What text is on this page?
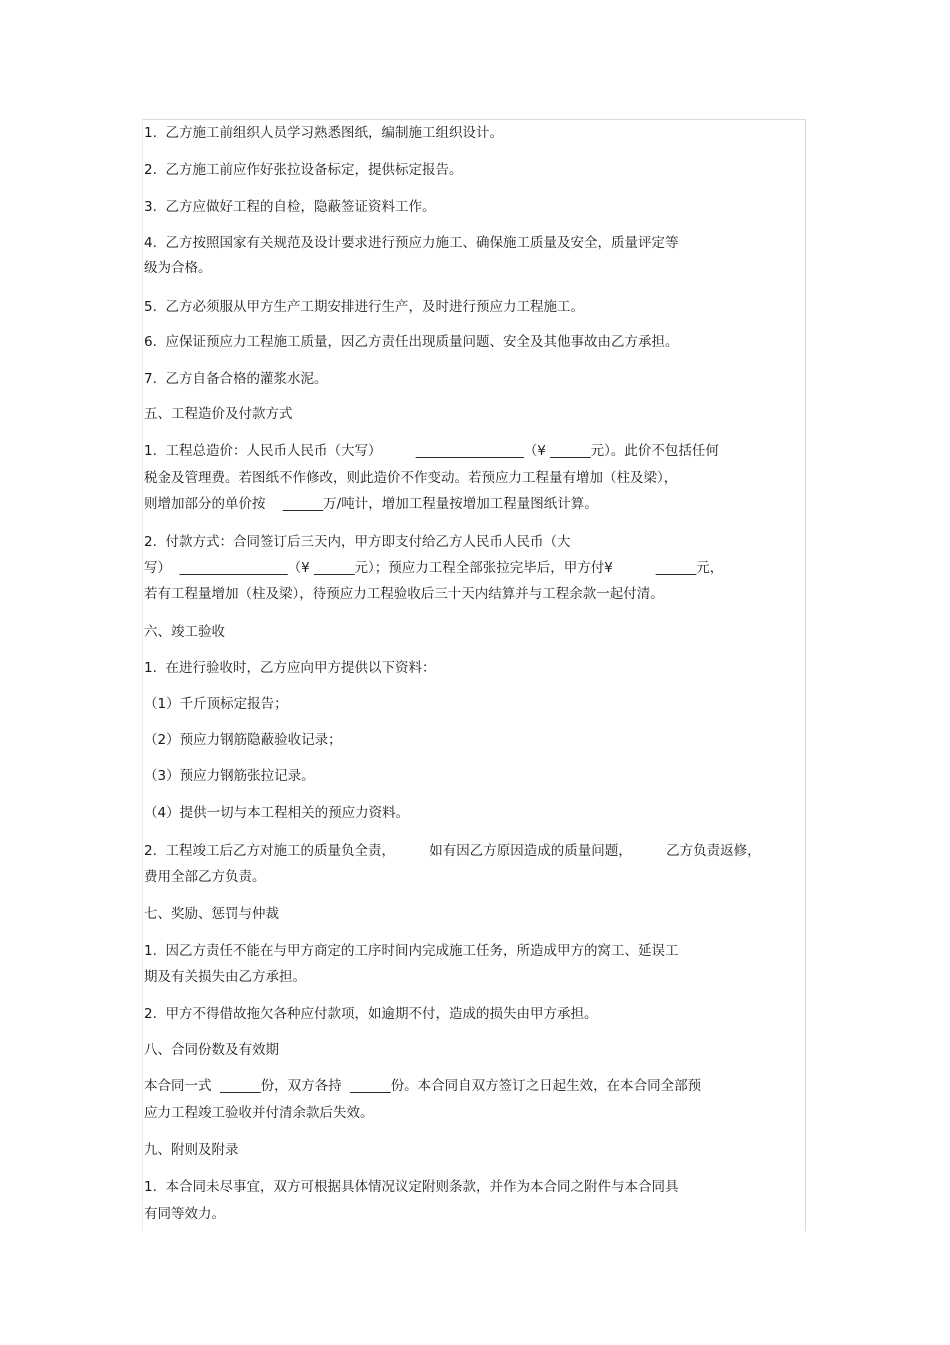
1.  乙方施工前组织人员学习熟悉图纸，编制施工组织设计。
2.  乙方施工前应作好张拉设备标定，提供标定报告。
3.  乙方应做好工程的自检，隐蔽签证资料工作。
4.  乙方按照国家有关规范及设计要求进行预应力施工、确保施工质量及安全，质量评定等
级为合格。
5.  乙方必须服从甲方生产工期安排进行生产，及时进行预应力工程施工。
6.  应保证预应力工程施工质量，因乙方责任出现质量问题、安全及其他事故由乙方承担。
7.  乙方自备合格的灌浆水泥。
五、工程造价及付款方式
1.  工程总造价：人民币人民币（大写）        ________________（¥ ______元）。此价不包括任何
税金及管理费。若图纸不作修改，则此造价不作变动。若预应力工程量有增加（柱及梁），
则增加部分的单价按    ______万/吨计，增加工程量按增加工程量图纸计算。
2.  付款方式：合同签订后三天内，甲方即支付给乙方人民币人民币（大
写）  ________________（¥ ______元）；预应力工程全部张拉完毕后，甲方付¥          ______元，
若有工程量增加（柱及梁），待预应力工程验收后三十天内结算并与工程余款一起付清。
六、竣工验收
1.  在进行验收时，乙方应向甲方提供以下资料：
（1）千斤顶标定报告；
（2）预应力钢筋隐蔽验收记录；
（3）预应力钢筋张拉记录。
（4）提供一切与本工程相关的预应力资料。
2.  工程竣工后乙方对施工的质量负全责，        如有因乙方原因造成的质量问题，        乙方负责返修，
费用全部乙方负责。
七、奖励、惩罚与仲裁
1.  因乙方责任不能在与甲方商定的工序时间内完成施工任务，所造成甲方的窝工、延误工
期及有关损失由乙方承担。
2.  甲方不得借故拖欠各种应付款项，如逾期不付，造成的损失由甲方承担。
八、合同份数及有效期
本合同一式  ______份，双方各持  ______份。本合同自双方签订之日起生效，在本合同全部预
应力工程竣工验收并付清余款后失效。
九、附则及附录
1.  本合同未尽事宜，双方可根据具体情况议定附则条款，并作为本合同之附件与本合同具
有同等效力。
